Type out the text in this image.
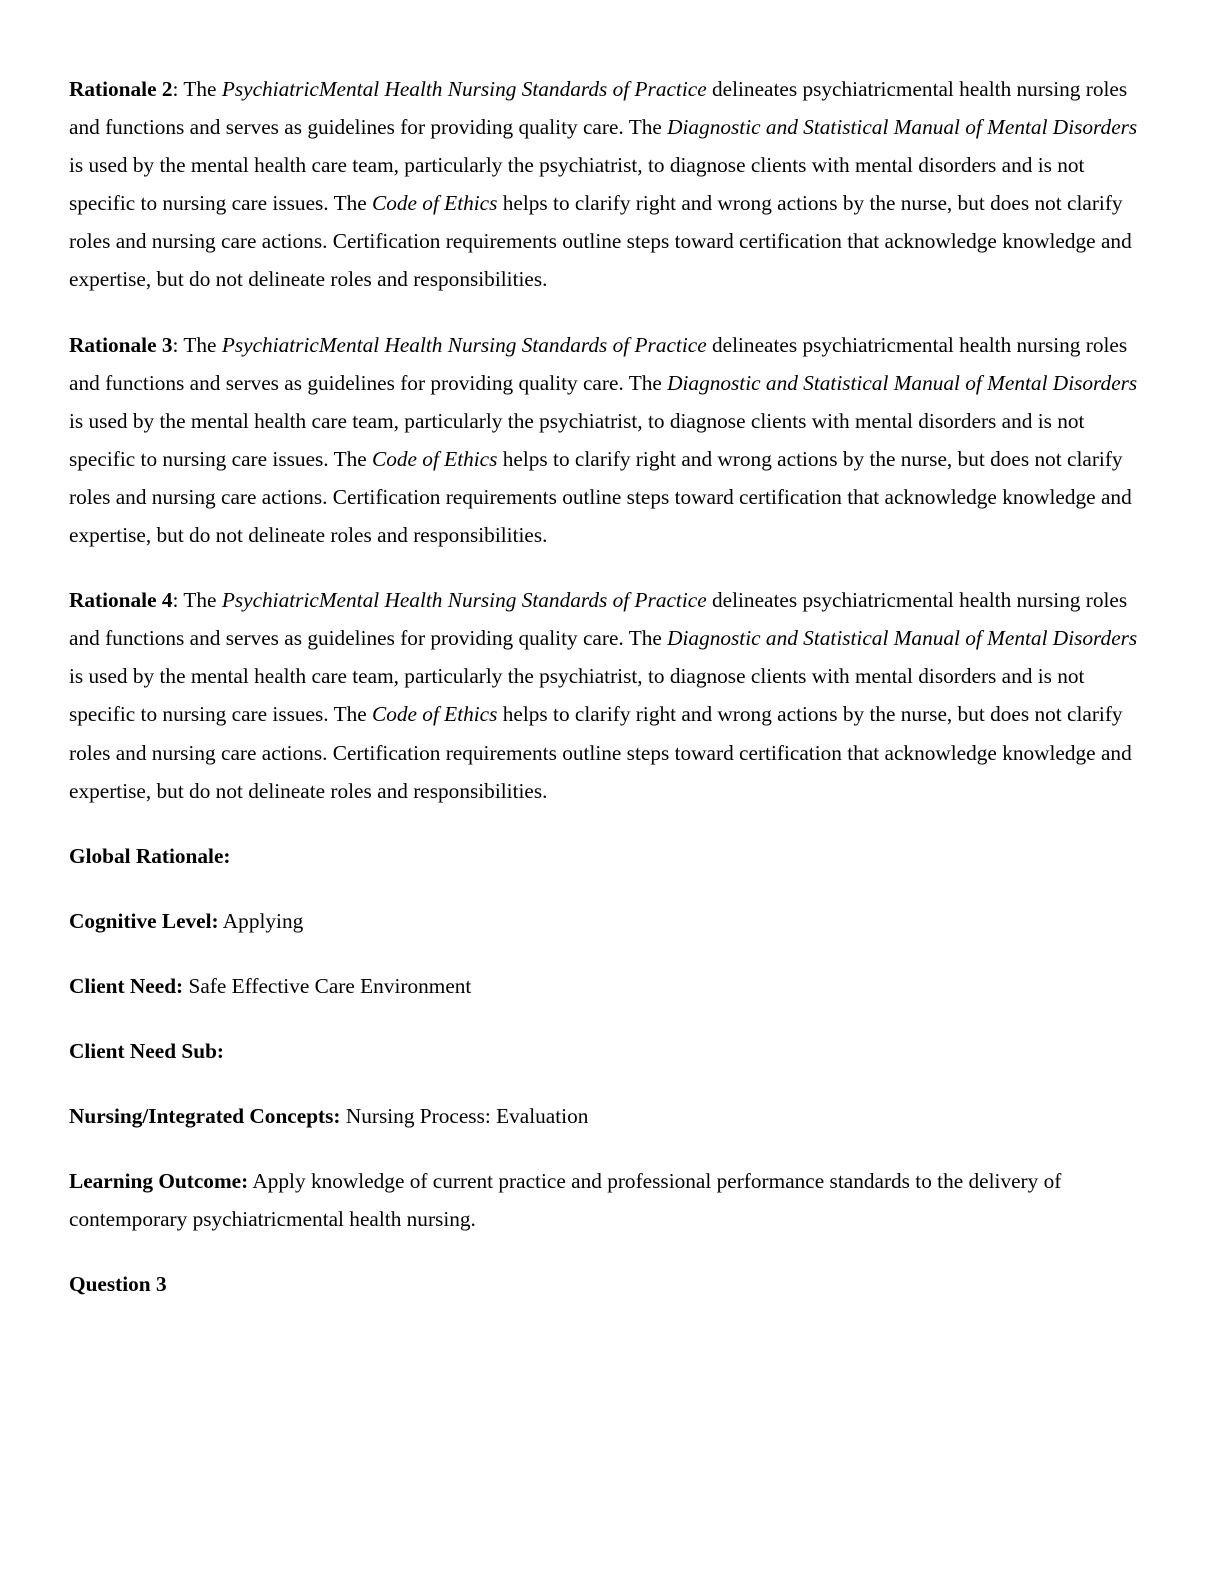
Rationale 2: The PsychiatricMental Health Nursing Standards of Practice delineates psychiatricmental health nursing roles and functions and serves as guidelines for providing quality care. The Diagnostic and Statistical Manual of Mental Disorders is used by the mental health care team, particularly the psychiatrist, to diagnose clients with mental disorders and is not specific to nursing care issues. The Code of Ethics helps to clarify right and wrong actions by the nurse, but does not clarify roles and nursing care actions. Certification requirements outline steps toward certification that acknowledge knowledge and expertise, but do not delineate roles and responsibilities.

Rationale 3: The PsychiatricMental Health Nursing Standards of Practice delineates psychiatricmental health nursing roles and functions and serves as guidelines for providing quality care. The Diagnostic and Statistical Manual of Mental Disorders is used by the mental health care team, particularly the psychiatrist, to diagnose clients with mental disorders and is not specific to nursing care issues. The Code of Ethics helps to clarify right and wrong actions by the nurse, but does not clarify roles and nursing care actions. Certification requirements outline steps toward certification that acknowledge knowledge and expertise, but do not delineate roles and responsibilities.

Rationale 4: The PsychiatricMental Health Nursing Standards of Practice delineates psychiatricmental health nursing roles and functions and serves as guidelines for providing quality care. The Diagnostic and Statistical Manual of Mental Disorders is used by the mental health care team, particularly the psychiatrist, to diagnose clients with mental disorders and is not specific to nursing care issues. The Code of Ethics helps to clarify right and wrong actions by the nurse, but does not clarify roles and nursing care actions. Certification requirements outline steps toward certification that acknowledge knowledge and expertise, but do not delineate roles and responsibilities.

Global Rationale:

Cognitive Level: Applying

Client Need: Safe Effective Care Environment

Client Need Sub:

Nursing/Integrated Concepts: Nursing Process: Evaluation

Learning Outcome: Apply knowledge of current practice and professional performance standards to the delivery of contemporary psychiatricmental health nursing.

Question 3
